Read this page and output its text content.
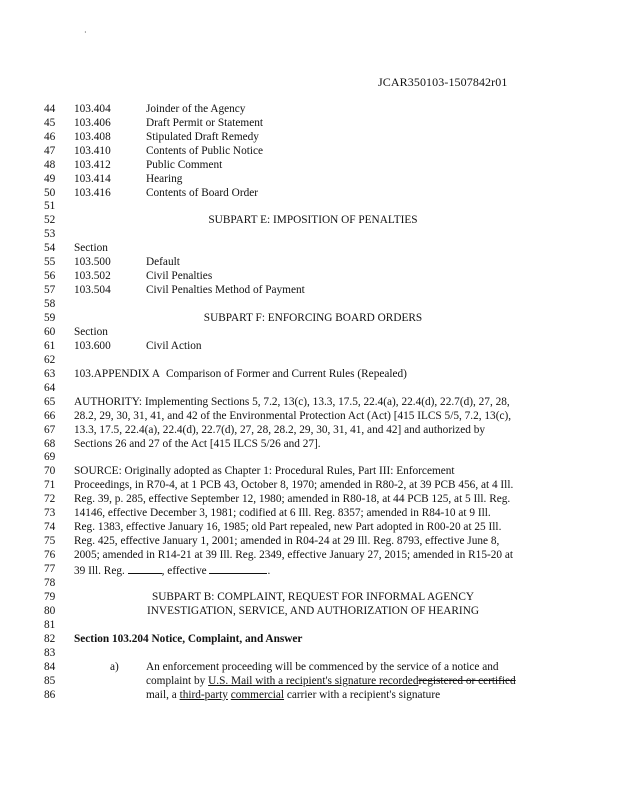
·
JCAR350103-1507842r01
44
45
46
47
48
49
50
51
52
53
54
55
56
57
58
59
60
61
62
63
64
65
66
67
68
69
70
71
72
73
74
75
76
77
78
79
80
81
82
83
84
85
86
103.404	Joinder of the Agency
103.406	Draft Permit or Statement
103.408	Stipulated Draft Remedy
103.410	Contents of Public Notice
103.412	Public Comment
103.414	Hearing
103.416	Contents of Board Order
SUBPART E: IMPOSITION OF PENALTIES
Section
103.500	Default
103.502	Civil Penalties
103.504	Civil Penalties Method of Payment
SUBPART F: ENFORCING BOARD ORDERS
Section
103.600	Civil Action
103.APPENDIX A Comparison of Former and Current Rules (Repealed)
AUTHORITY: Implementing Sections 5, 7.2, 13(c), 13.3, 17.5, 22.4(a), 22.4(d), 22.7(d), 27, 28,
28.2, 29, 30, 31, 41, and 42 of the Environmental Protection Act (Act) [415 ILCS 5/5, 7.2, 13(c),
13.3, 17.5, 22.4(a), 22.4(d), 22.7(d), 27, 28, 28.2, 29, 30, 31, 41, and 42] and authorized by
Sections 26 and 27 of the Act [415 ILCS 5/26 and 27].
SOURCE: Originally adopted as Chapter 1: Procedural Rules, Part III: Enforcement
Proceedings, in R70-4, at 1 PCB 43, October 8, 1970; amended in R80-2, at 39 PCB 456, at 4 Ill.
Reg. 39, p. 285, effective September 12, 1980; amended in R80-18, at 44 PCB 125, at 5 Ill. Reg.
14146, effective December 3, 1981; codified at 6 Ill. Reg. 8357; amended in R84-10 at 9 Ill.
Reg. 1383, effective January 16, 1985; old Part repealed, new Part adopted in R00-20 at 25 Ill.
Reg. 425, effective January 1, 2001; amended in R04-24 at 29 Ill. Reg. 8793, effective June 8,
2005; amended in R14-21 at 39 Ill. Reg. 2349, effective January 27, 2015; amended in R15-20 at
39 Ill. Reg.	, effective	.
SUBPART B: COMPLAINT, REQUEST FOR INFORMAL AGENCY
INVESTIGATION, SERVICE, AND AUTHORIZATION OF HEARING
Section 103.204 Notice, Complaint, and Answer
a) An enforcement proceeding will be commenced by the service of a notice and
complaint by U.S. Mail with a recipient's signature recordedregistered or certified
mail, a third-party commercial carrier with a recipient's signature
